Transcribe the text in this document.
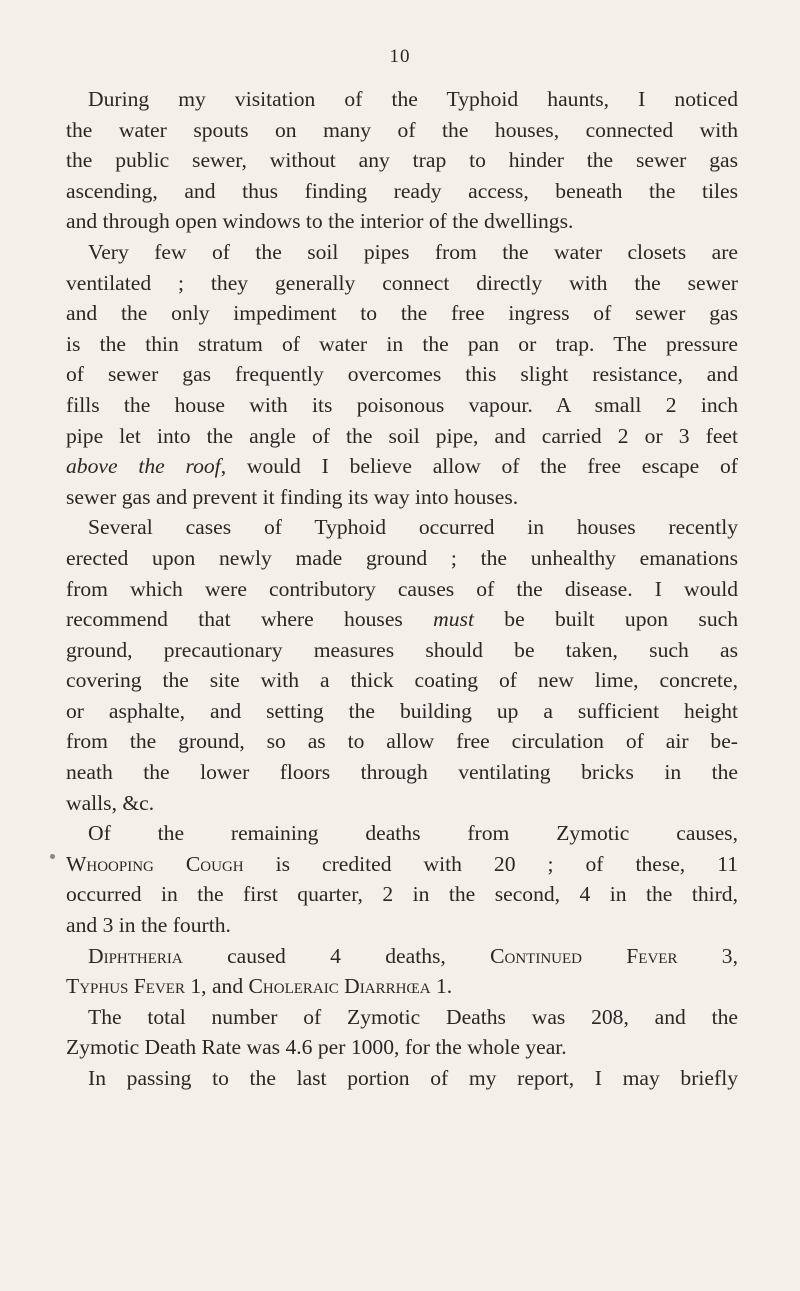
10
During my visitation of the Typhoid haunts, I noticed
the water spouts on many of the houses, connected with
the public sewer, without any trap to hinder the sewer gas
ascending, and thus finding ready access, beneath the tiles
and through open windows to the interior of the dwellings.
Very few of the soil pipes from the water closets are
ventilated ; they generally connect directly with the sewer
and the only impediment to the free ingress of sewer gas
is the thin stratum of water in the pan or trap. The pressure
of sewer gas frequently overcomes this slight resistance, and
fills the house with its poisonous vapour. A small 2 inch
pipe let into the angle of the soil pipe, and carried 2 or 3 feet
above the roof, would I believe allow of the free escape of
sewer gas and prevent it finding its way into houses.
Several cases of Typhoid occurred in houses recently
erected upon newly made ground ; the unhealthy emanations
from which were contributory causes of the disease. I would
recommend that where houses must be built upon such
ground, precautionary measures should be taken, such as
covering the site with a thick coating of new lime, concrete,
or asphalte, and setting the building up a sufficient height
from the ground, so as to allow free circulation of air be-
neath the lower floors through ventilating bricks in the
walls, &c.
Of the remaining deaths from Zymotic causes,
Whooping Cough is credited with 20 ; of these, 11
occurred in the first quarter, 2 in the second, 4 in the third,
and 3 in the fourth.
Diphtheria caused 4 deaths, Continued Fever 3,
Typhus Fever 1, and Choleraic Diarrhœa 1.
The total number of Zymotic Deaths was 208, and the
Zymotic Death Rate was 4.6 per 1000, for the whole year.
In passing to the last portion of my report, I may briefly
